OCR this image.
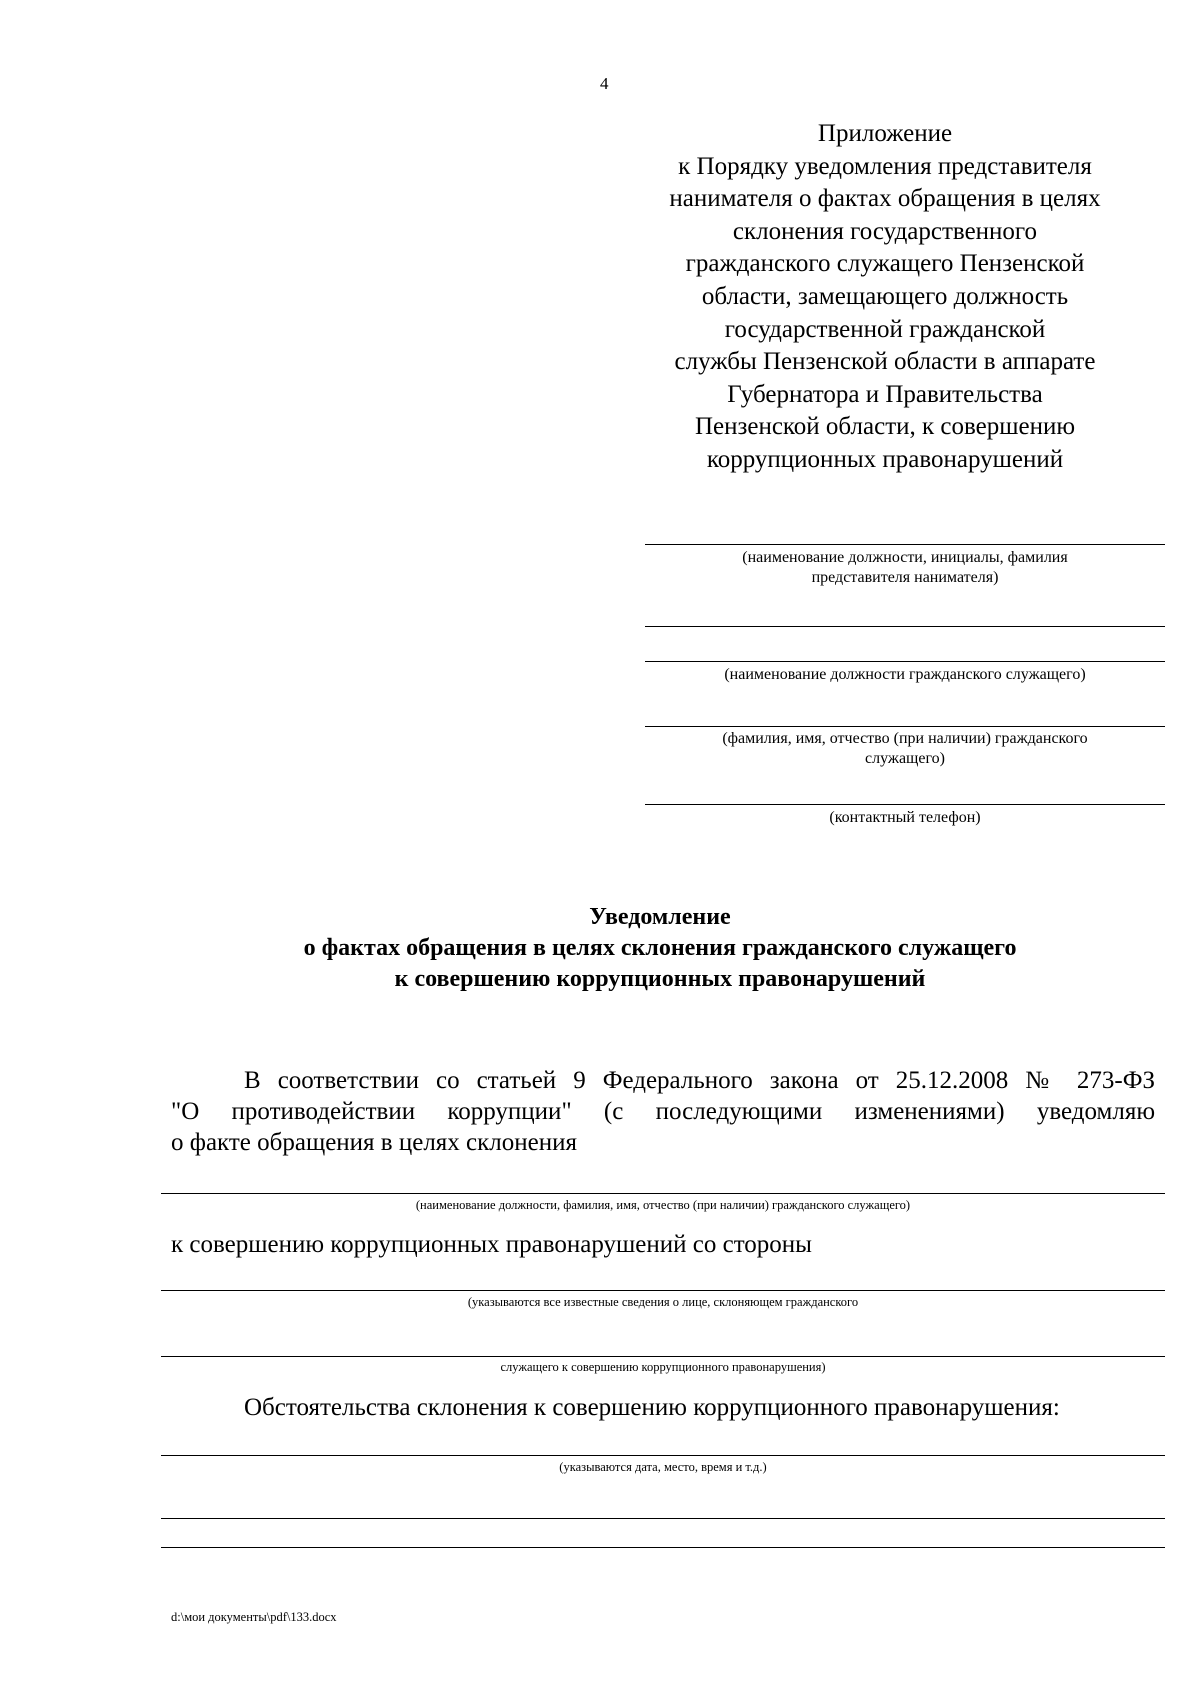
4
Приложение
к Порядку уведомления представителя
нанимателя о фактах обращения в целях
склонения государственного
гражданского служащего Пензенской
области, замещающего должность
государственной гражданской
службы Пензенской области в аппарате
Губернатора и Правительства
Пензенской области, к совершению
коррупционных правонарушений
(наименование должности, инициалы, фамилия
представителя нанимателя)
(наименование должности гражданского служащего)
(фамилия, имя, отчество (при наличии) гражданского
служащего)
(контактный телефон)
Уведомление
о фактах обращения в целях склонения гражданского служащего
к совершению коррупционных правонарушений
В соответствии со статьей 9 Федерального закона от 25.12.2008 № 273-ФЗ
"О противодействии коррупции" (с последующими изменениями) уведомляю
о факте обращения в целях склонения
(наименование должности, фамилия, имя, отчество (при наличии) гражданского служащего)
к совершению коррупционных правонарушений со стороны
(указываются все известные сведения о лице, склоняющем гражданского
служащего к совершению коррупционного правонарушения)
Обстоятельства склонения к совершению коррупционного правонарушения:
(указываются дата, место, время и т.д.)
d:\мои документы\pdf\133.docx
